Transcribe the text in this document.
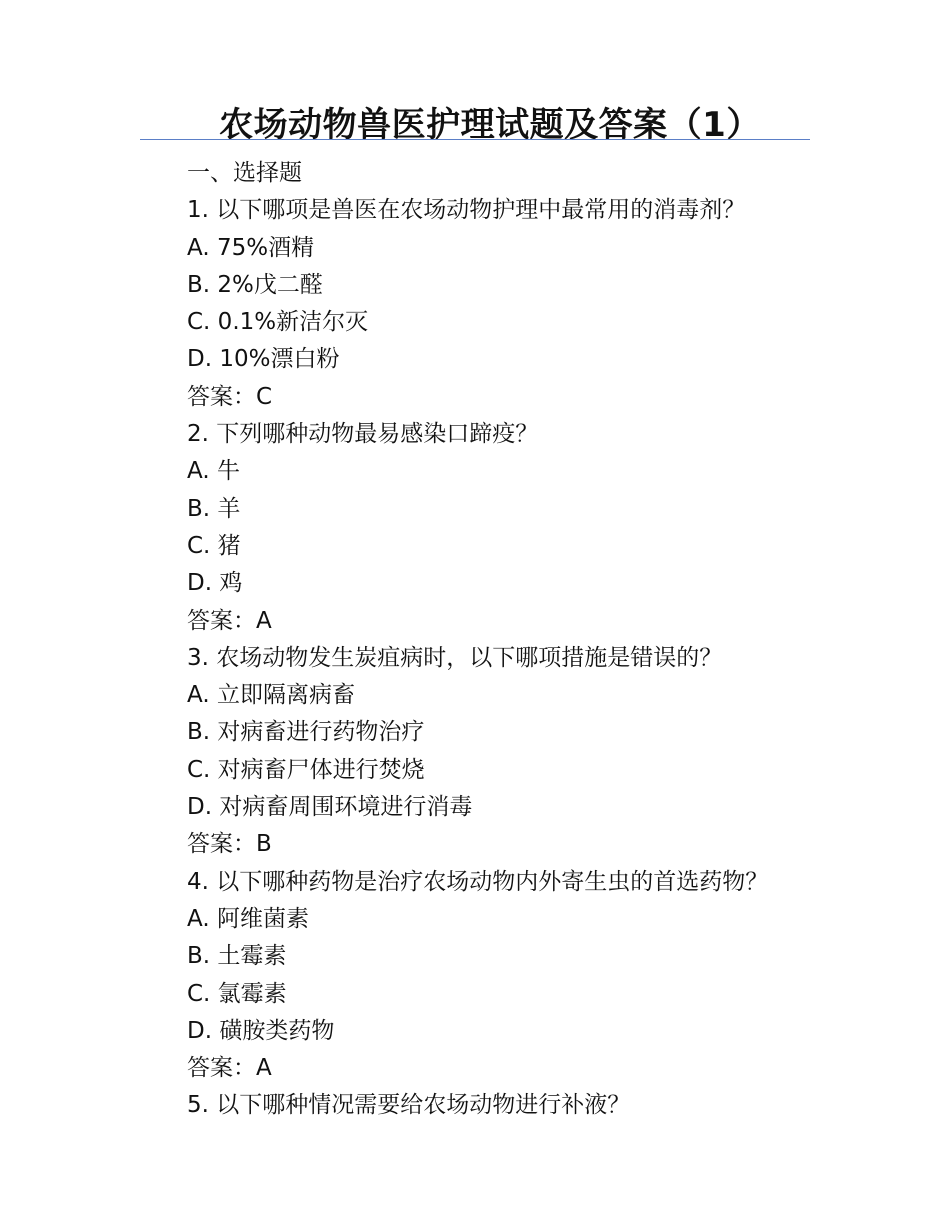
农场动物兽医护理试题及答案（1）
一、选择题
1. 以下哪项是兽医在农场动物护理中最常用的消毒剂？
A. 75%酒精
B. 2%戊二醛
C. 0.1%新洁尔灭
D. 10%漂白粉
答案：C
2. 下列哪种动物最易感染口蹄疫？
A. 牛
B. 羊
C. 猪
D. 鸡
答案：A
3. 农场动物发生炭疽病时，以下哪项措施是错误的？
A. 立即隔离病畜
B. 对病畜进行药物治疗
C. 对病畜尸体进行焚烧
D. 对病畜周围环境进行消毒
答案：B
4. 以下哪种药物是治疗农场动物内外寄生虫的首选药物？
A. 阿维菌素
B. 土霉素
C. 氯霉素
D. 磺胺类药物
答案：A
5. 以下哪种情况需要给农场动物进行补液？
